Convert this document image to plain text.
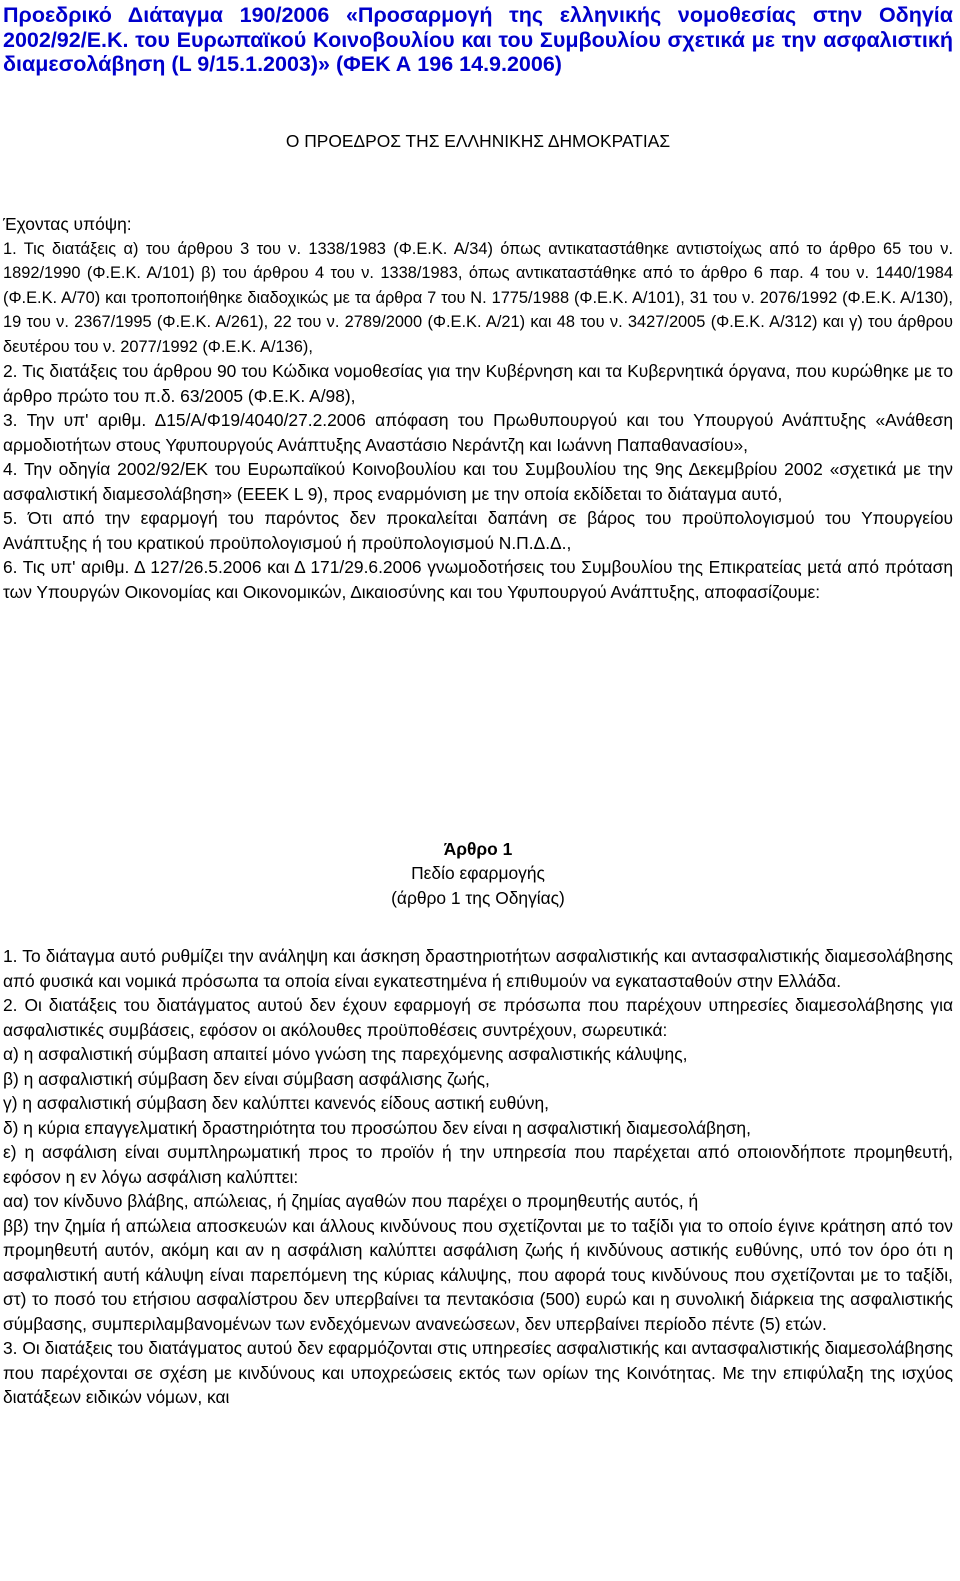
Προεδρικό Διάταγμα 190/2006 «Προσαρμογή της ελληνικής νομοθεσίας στην Οδηγία 2002/92/Ε.Κ. του Ευρωπαϊκού Κοινοβουλίου και του Συμβουλίου σχετικά με την ασφαλιστική διαμεσολάβηση (L 9/15.1.2003)» (ΦΕΚ Α 196 14.9.2006)
Ο ΠΡΟΕΔΡΟΣ ΤΗΣ ΕΛΛΗΝΙΚΗΣ ΔΗΜΟΚΡΑΤΙΑΣ

Έχοντας υπόψη:

1. Τις διατάξεις α) του άρθρου 3 του ν. 1338/1983 (Φ.Ε.Κ. Α/34) όπως αντικαταστάθηκε αντιστοίχως από το άρθρο 65 του ν. 1892/1990 (Φ.Ε.Κ. Α/101) β) του άρθρου 4 του ν. 1338/1983, όπως αντικαταστάθηκε από το άρθρο 6 παρ. 4 του ν. 1440/1984 (Φ.Ε.Κ. Α/70) και τροποποιήθηκε διαδοχικώς με τα άρθρα 7 του Ν. 1775/1988 (Φ.Ε.Κ. Α/101), 31 του ν. 2076/1992 (Φ.Ε.Κ. Α/130), 19 του ν. 2367/1995 (Φ.Ε.Κ. Α/261), 22 του ν. 2789/2000 (Φ.Ε.Κ. Α/21) και 48 του ν. 3427/2005 (Φ.Ε.Κ. Α/312) και γ) του άρθρου δευτέρου του ν. 2077/1992 (Φ.Ε.Κ. Α/136),

2. Τις διατάξεις του άρθρου 90 του Κώδικα νομοθεσίας για την Κυβέρνηση και τα Κυβερνητικά όργανα, που κυρώθηκε με το άρθρο πρώτο του π.δ. 63/2005 (Φ.Ε.Κ. Α/98),

3. Την υπ' αριθμ. Δ15/Α/Φ19/4040/27.2.2006 απόφαση του Πρωθυπουργού και του Υπουργού Ανάπτυξης «Ανάθεση αρμοδιοτήτων στους Υφυπουργούς Ανάπτυξης Αναστάσιο Νεράντζη και Ιωάννη Παπαθανασίου»,

4. Την οδηγία 2002/92/ΕΚ του Ευρωπαϊκού Κοινοβουλίου και του Συμβουλίου της 9ης Δεκεμβρίου 2002 «σχετικά με την ασφαλιστική διαμεσολάβηση» (ΕΕΕΚ L 9), προς εναρμόνιση με την οποία εκδίδεται το διάταγμα αυτό,

5. Ότι από την εφαρμογή του παρόντος δεν προκαλείται δαπάνη σε βάρος του προϋπολογισμού του Υπουργείου Ανάπτυξης ή του κρατικού προϋπολογισμού ή προϋπολογισμού Ν.Π.Δ.Δ.,

6. Τις υπ' αριθμ. Δ 127/26.5.2006 και Δ 171/29.6.2006 γνωμοδοτήσεις του Συμβουλίου της Επικρατείας μετά από πρόταση των Υπουργών Οικονομίας και Οικονομικών, Δικαιοσύνης και του Υφυπουργού Ανάπτυξης, αποφασίζουμε:

Άρθρο 1
Πεδίο εφαρμογής
(άρθρο 1 της Οδηγίας)

1. Το διάταγμα αυτό ρυθμίζει την ανάληψη και άσκηση δραστηριοτήτων ασφαλιστικής και αντασφαλιστικής διαμεσολάβησης από φυσικά και νομικά πρόσωπα τα οποία είναι εγκατεστημένα ή επιθυμούν να εγκατασταθούν στην Ελλάδα.

2. Οι διατάξεις του διατάγματος αυτού δεν έχουν εφαρμογή σε πρόσωπα που παρέχουν υπηρεσίες διαμεσολάβησης για ασφαλιστικές συμβάσεις, εφόσον οι ακόλουθες προϋποθέσεις συντρέχουν, σωρευτικά:

α) η ασφαλιστική σύμβαση απαιτεί μόνο γνώση της παρεχόμενης ασφαλιστικής κάλυψης,

β) η ασφαλιστική σύμβαση δεν είναι σύμβαση ασφάλισης ζωής,

γ) η ασφαλιστική σύμβαση δεν καλύπτει κανενός είδους αστική ευθύνη,

δ) η κύρια επαγγελματική δραστηριότητα του προσώπου δεν είναι η ασφαλιστική διαμεσολάβηση,

ε) η ασφάλιση είναι συμπληρωματική προς το προϊόν ή την υπηρεσία που παρέχεται από οποιονδήποτε προμηθευτή, εφόσον η εν λόγω ασφάλιση καλύπτει:

αα) τον κίνδυνο βλάβης, απώλειας, ή ζημίας αγαθών που παρέχει ο προμηθευτής αυτός, ή

ββ) την ζημία ή απώλεια αποσκευών και άλλους κινδύνους που σχετίζονται με το ταξίδι για το οποίο έγινε κράτηση από τον προμηθευτή αυτόν, ακόμη και αν η ασφάλιση καλύπτει ασφάλιση ζωής ή κινδύνους αστικής ευθύνης, υπό τον όρο ότι η ασφαλιστική αυτή κάλυψη είναι παρεπόμενη της κύριας κάλυψης, που αφορά τους κινδύνους που σχετίζονται με το ταξίδι, στ) το ποσό του ετήσιου ασφαλίστρου δεν υπερβαίνει τα πεντακόσια (500) ευρώ και η συνολική διάρκεια της ασφαλιστικής σύμβασης, συμπεριλαμβανομένων των ενδεχόμενων ανανεώσεων, δεν υπερβαίνει περίοδο πέντε (5) ετών.

3. Οι διατάξεις του διατάγματος αυτού δεν εφαρμόζονται στις υπηρεσίες ασφαλιστικής και αντασφαλιστικής διαμεσολάβησης που παρέχονται σε σχέση με κινδύνους και υποχρεώσεις εκτός των ορίων της Κοινότητας. Με την επιφύλαξη της ισχύος διατάξεων ειδικών νόμων, και
